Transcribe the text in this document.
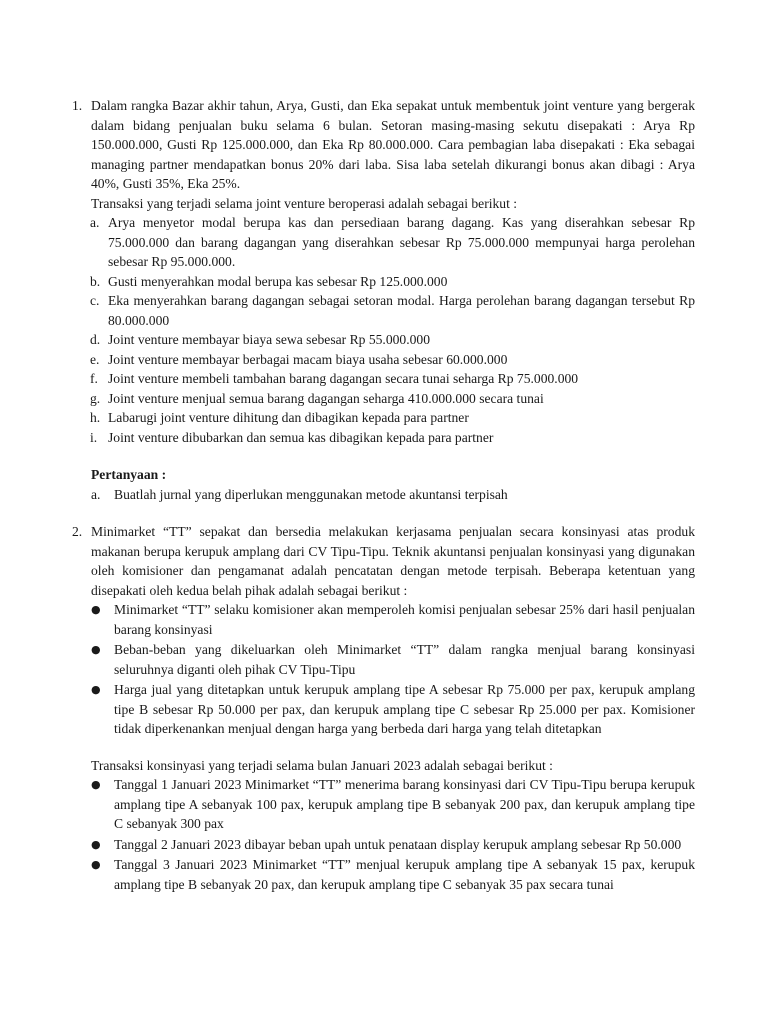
1. Dalam rangka Bazar akhir tahun, Arya, Gusti, dan Eka sepakat untuk membentuk joint venture yang bergerak dalam bidang penjualan buku selama 6 bulan. Setoran masing-masing sekutu disepakati : Arya Rp 150.000.000, Gusti Rp 125.000.000, dan Eka Rp 80.000.000. Cara pembagian laba disepakati : Eka sebagai managing partner mendapatkan bonus 20% dari laba. Sisa laba setelah dikurangi bonus akan dibagi : Arya 40%, Gusti 35%, Eka 25%.
Transaksi yang terjadi selama joint venture beroperasi adalah sebagai berikut :
a. Arya menyetor modal berupa kas dan persediaan barang dagang. Kas yang diserahkan sebesar Rp 75.000.000 dan barang dagangan yang diserahkan sebesar Rp 75.000.000 mempunyai harga perolehan sebesar Rp 95.000.000.
b. Gusti menyerahkan modal berupa kas sebesar Rp 125.000.000
c. Eka menyerahkan barang dagangan sebagai setoran modal. Harga perolehan barang dagangan tersebut Rp 80.000.000
d. Joint venture membayar biaya sewa sebesar Rp 55.000.000
e. Joint venture membayar berbagai macam biaya usaha sebesar 60.000.000
f. Joint venture membeli tambahan barang dagangan secara tunai seharga Rp 75.000.000
g. Joint venture menjual semua barang dagangan seharga 410.000.000 secara tunai
h. Labarugi joint venture dihitung dan dibagikan kepada para partner
i. Joint venture dibubarkan dan semua kas dibagikan kepada para partner
Pertanyaan :
a. Buatlah jurnal yang diperlukan menggunakan metode akuntansi terpisah
2. Minimarket “TT” sepakat dan bersedia melakukan kerjasama penjualan secara konsinyasi atas produk makanan berupa kerupuk amplang dari CV Tipu-Tipu. Teknik akuntansi penjualan konsinyasi yang digunakan oleh komisioner dan pengamanat adalah pencatatan dengan metode terpisah. Beberapa ketentuan yang disepakati oleh kedua belah pihak adalah sebagai berikut :
● Minimarket “TT” selaku komisioner akan memperoleh komisi penjualan sebesar 25% dari hasil penjualan barang konsinyasi
● Beban-beban yang dikeluarkan oleh Minimarket “TT” dalam rangka menjual barang konsinyasi seluruhnya diganti oleh pihak CV Tipu-Tipu
● Harga jual yang ditetapkan untuk kerupuk amplang tipe A sebesar Rp 75.000 per pax, kerupuk amplang tipe B sebesar Rp 50.000 per pax, dan kerupuk amplang tipe C sebesar Rp 25.000 per pax. Komisioner tidak diperkenankan menjual dengan harga yang berbeda dari harga yang telah ditetapkan
Transaksi konsinyasi yang terjadi selama bulan Januari 2023 adalah sebagai berikut :
● Tanggal 1 Januari 2023 Minimarket “TT” menerima barang konsinyasi dari CV Tipu-Tipu berupa kerupuk amplang tipe A sebanyak 100 pax, kerupuk amplang tipe B sebanyak 200 pax, dan kerupuk amplang tipe C sebanyak 300 pax
● Tanggal 2 Januari 2023 dibayar beban upah untuk penataan display kerupuk amplang sebesar Rp 50.000
● Tanggal 3 Januari 2023 Minimarket “TT” menjual kerupuk amplang tipe A sebanyak 15 pax, kerupuk amplang tipe B sebanyak 20 pax, dan kerupuk amplang tipe C sebanyak 35 pax secara tunai
